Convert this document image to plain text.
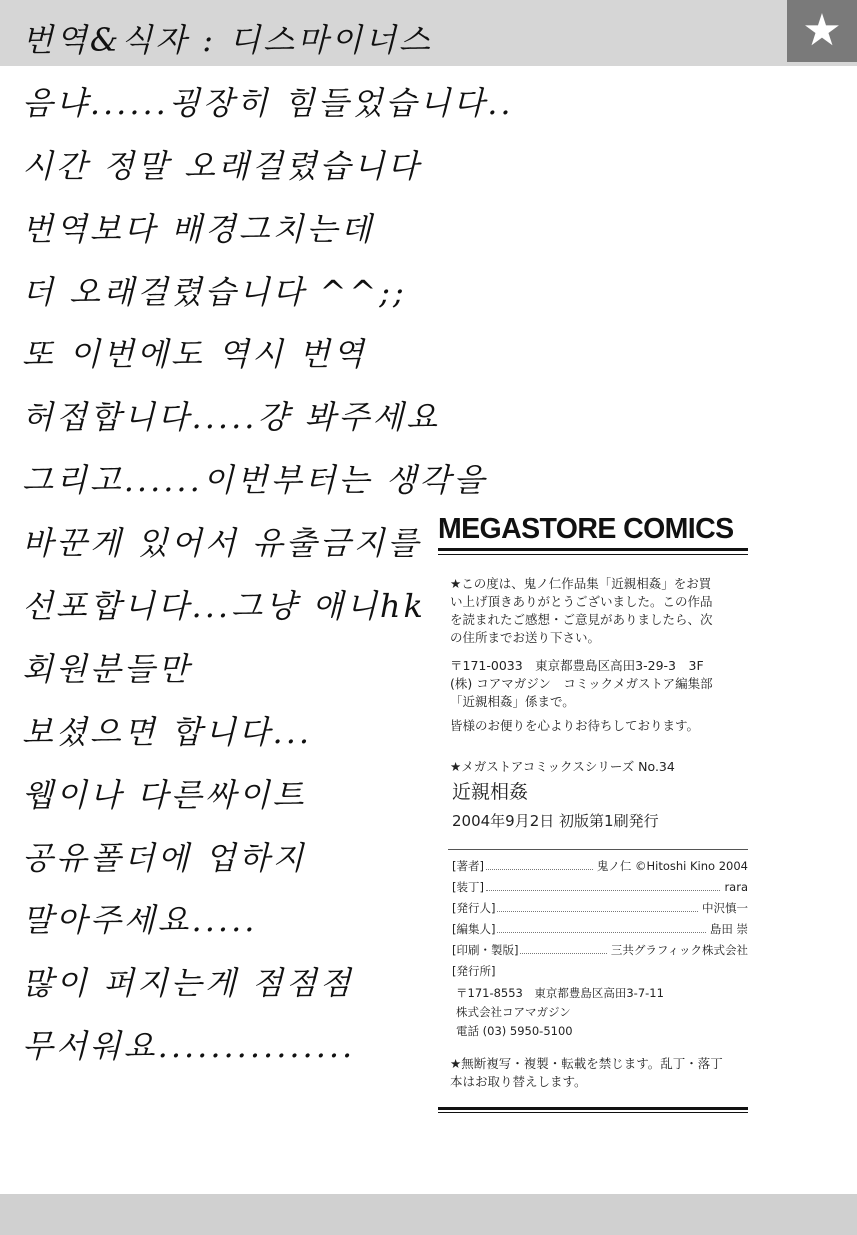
★
번역&식자 : 디스마이너스
음냐......굉장히 힘들었습니다..
시간 정말 오래걸렸습니다
번역보다 배경그치는데
더 오래걸렸습니다 ^^;;
또 이번에도 역시 번역
허접합니다.....걍 봐주세요
그리고......이번부터는 생각을
바꾼게 있어서 유출금지를
선포합니다...그냥 애니hk
회원분들만
보셨으면 합니다...
웹이나 다른싸이트
공유폴더에 업하지
말아주세요.....
많이 퍼지는게 점점점
무서워요...............
MEGASTORE COMICS
★この度は、鬼ノ仁作品集「近親相姦」をお買
い上げ頂きありがとうございました。この作品
を読まれたご感想・ご意見がありましたら、次
の住所までお送り下さい。
〒171-0033　東京都豊島区高田3-29-3　3F
(株) コアマガジン　コミックメガストア編集部
「近親相姦」係まで。
皆様のお便りを心よりお待ちしております。
★メガストアコミックスシリーズ No.34
近親相姦
2004年9月2日 初版第1刷発行
[著者]	鬼ノ仁 ©Hitoshi Kino 2004
[装丁]	rara
[発行人]	中沢慎一
[編集人]	島田 崇
[印刷・製版]	三共グラフィック株式会社
[発行所]
〒171-8553　東京都豊島区高田3-7-11
株式会社コアマガジン
電話 (03) 5950-5100
★無断複写・複製・転載を禁じます。乱丁・落丁
本はお取り替えします。
